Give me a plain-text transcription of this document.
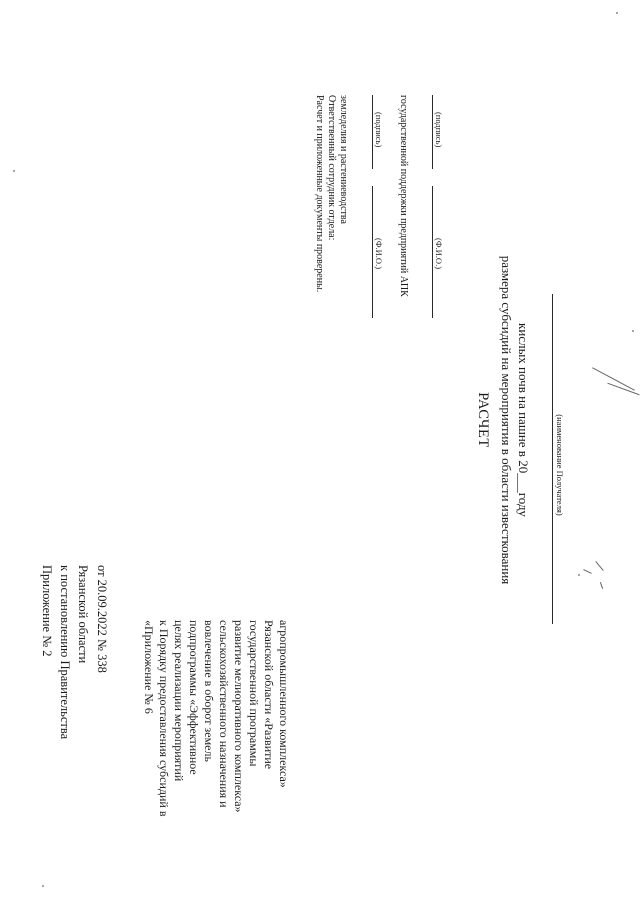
Приложение № 2 к постановлению Правительства Рязанской области от 20.09.2022 № 338	«Приложение № 6 к Порядку предоставления субсидий в целях реализации мероприятий подпрограммы «Эффективное вовлечение в оборот земель сельскохозяйственного назначения и развитие мелиоративного комплекса» государственной программы Рязанской области «Развитие агропромышленного комплекса»
РАСЧЕТ размера субсидий на мероприятия в области известкования кислых почв на пашне в 20___году	(наименование Получателя)
Расчет и приложенные документы проверены. Ответственный сотрудник отдела: земледелия и растениеводства	(подпись)
(Ф.И.О.) государственной поддержки предприятий АПК	(подпись)
(Ф.И.О.)
